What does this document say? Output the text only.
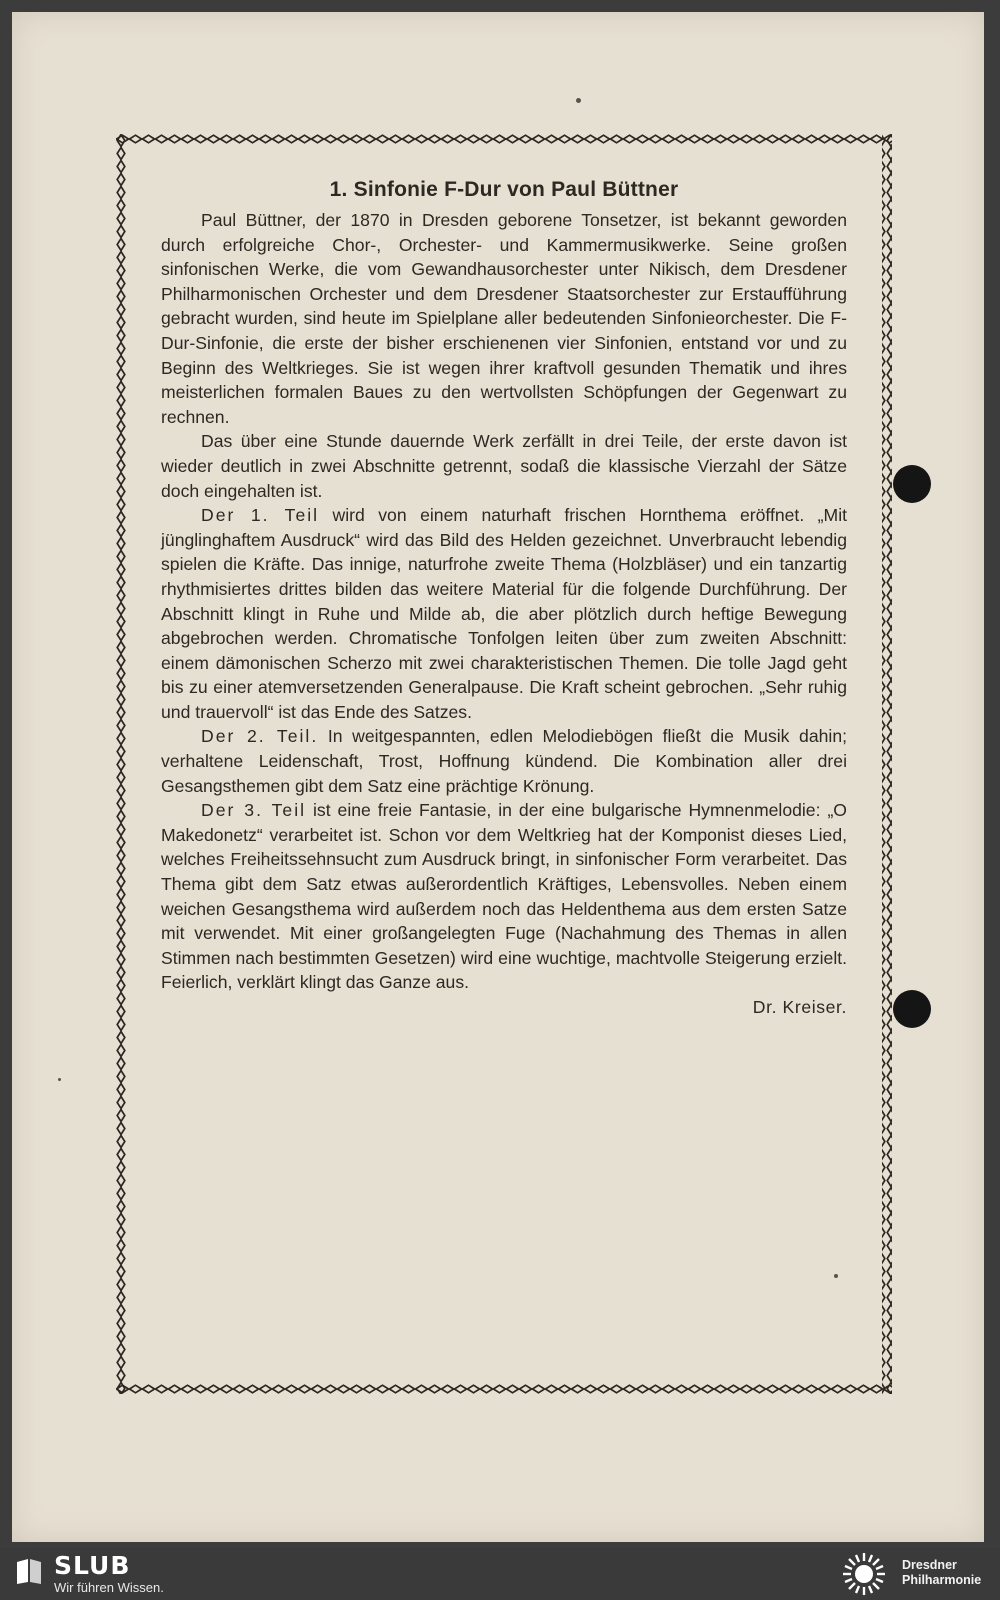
1. Sinfonie F-Dur von Paul Büttner

Paul Büttner, der 1870 in Dresden geborene Tonsetzer, ist bekannt geworden durch erfolgreiche Chor-, Orchester- und Kammermusikwerke. Seine großen sinfonischen Werke, die vom Gewandhausorchester unter Nikisch, dem Dresdener Philharmonischen Orchester und dem Dresdener Staatsorchester zur Erstaufführung gebracht wurden, sind heute im Spielplane aller bedeutenden Sinfonieorchester. Die F-Dur-Sinfonie, die erste der bisher erschienenen vier Sinfonien, entstand vor und zu Beginn des Weltkrieges. Sie ist wegen ihrer kraftvoll gesunden Thematik und ihres meisterlichen formalen Baues zu den wertvollsten Schöpfungen der Gegenwart zu rechnen.

Das über eine Stunde dauernde Werk zerfällt in drei Teile, der erste davon ist wieder deutlich in zwei Abschnitte getrennt, sodaß die klassische Vierzahl der Sätze doch eingehalten ist.

Der 1. Teil wird von einem naturhaft frischen Hornthema eröffnet. „Mit jünglinghaftem Ausdruck“ wird das Bild des Helden gezeichnet. Unverbraucht lebendig spielen die Kräfte. Das innige, naturfrohe zweite Thema (Holzbläser) und ein tanzartig rhythmisiertes drittes bilden das weitere Material für die folgende Durchführung. Der Abschnitt klingt in Ruhe und Milde ab, die aber plötzlich durch heftige Bewegung abgebrochen werden. Chromatische Tonfolgen leiten über zum zweiten Abschnitt: einem dämonischen Scherzo mit zwei charakteristischen Themen. Die tolle Jagd geht bis zu einer atemversetzenden Generalpause. Die Kraft scheint gebrochen. „Sehr ruhig und trauervoll“ ist das Ende des Satzes.

Der 2. Teil. In weitgespannten, edlen Melodiebögen fließt die Musik dahin; verhaltene Leidenschaft, Trost, Hoffnung kündend. Die Kombination aller drei Gesangsthemen gibt dem Satz eine prächtige Krönung.

Der 3. Teil ist eine freie Fantasie, in der eine bulgarische Hymnenmelodie: „O Makedonetz“ verarbeitet ist. Schon vor dem Weltkrieg hat der Komponist dieses Lied, welches Freiheitssehnsucht zum Ausdruck bringt, in sinfonischer Form verarbeitet. Das Thema gibt dem Satz etwas außerordentlich Kräftiges, Lebensvolles. Neben einem weichen Gesangsthema wird außerdem noch das Heldenthema aus dem ersten Satze mit verwendet. Mit einer großangelegten Fuge (Nachahmung des Themas in allen Stimmen nach bestimmten Gesetzen) wird eine wuchtige, machtvolle Steigerung erzielt. Feierlich, verklärt klingt das Ganze aus.

Dr. Kreiser.

SLUB
Wir führen Wissen.
Dresdner
Philharmonie
